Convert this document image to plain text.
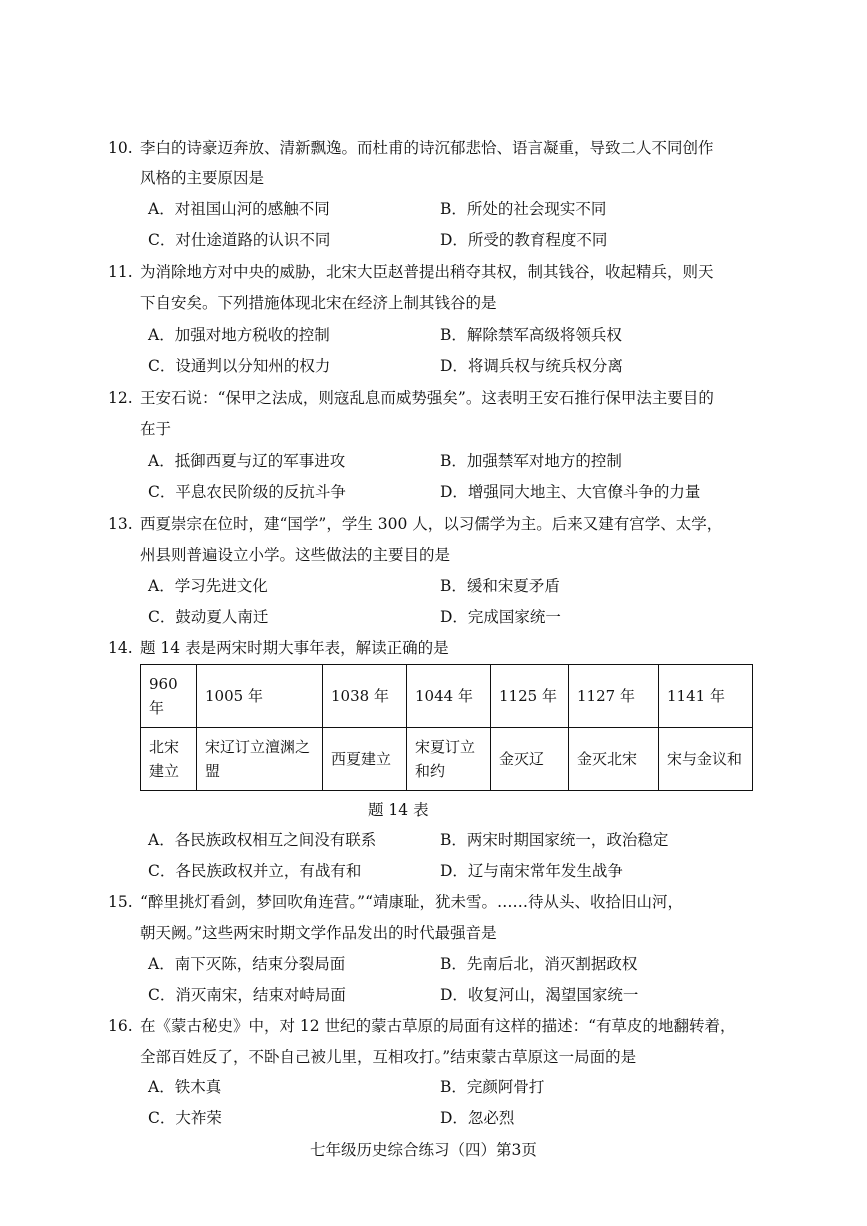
10. 李白的诗豪迈奔放、清新飘逸。而杜甫的诗沉郁悲恰、语言凝重，导致二人不同创作
风格的主要原因是
A．对祖国山河的感触不同	B．所处的社会现实不同
C．对仕途道路的认识不同	D．所受的教育程度不同
11. 为消除地方对中央的威胁，北宋大臣赵普提出稍夺其权，制其钱谷，收起精兵，则天
下自安矣。下列措施体现北宋在经济上制其钱谷的是
A．加强对地方税收的控制	B．解除禁军高级将领兵权
C．设通判以分知州的权力	D．将调兵权与统兵权分离
12. 王安石说：“保甲之法成，则寇乱息而威势强矣”。这表明王安石推行保甲法主要目的
在于
A．抵御西夏与辽的军事进攻	B．加强禁军对地方的控制
C．平息农民阶级的反抗斗争	D．增强同大地主、大官僚斗争的力量
13. 西夏崇宗在位时，建“国学”，学生 300 人，以习儒学为主。后来又建有宫学、太学，
州县则普遍设立小学。这些做法的主要目的是
A．学习先进文化	B．缓和宋夏矛盾
C．鼓动夏人南迁	D．完成国家统一
14. 题 14 表是两宋时期大事年表，解读正确的是
960 年	1005 年	1038 年	1044 年	1125 年	1127 年	1141 年
北宋建立	宋辽订立澶渊之盟	西夏建立	宋夏订立和约	金灭辽	金灭北宋	宋与金议和
题 14 表
A．各民族政权相互之间没有联系	B．两宋时期国家统一，政治稳定
C．各民族政权并立，有战有和	D．辽与南宋常年发生战争
15. “醉里挑灯看剑，梦回吹角连营。”“靖康耻，犹未雪。……待从头、收拾旧山河，
朝天阙。”这些两宋时期文学作品发出的时代最强音是
A．南下灭陈，结束分裂局面	B．先南后北，消灭割据政权
C．消灭南宋，结束对峙局面	D．收复河山，渴望国家统一
16. 在《蒙古秘史》中，对 12 世纪的蒙古草原的局面有这样的描述：“有草皮的地翻转着，
全部百姓反了，不卧自己被儿里，互相攻打。”结束蒙古草原这一局面的是
A．铁木真	B．完颜阿骨打
C．大祚荣	D．忽必烈
七年级历史综合练习（四）第3页
